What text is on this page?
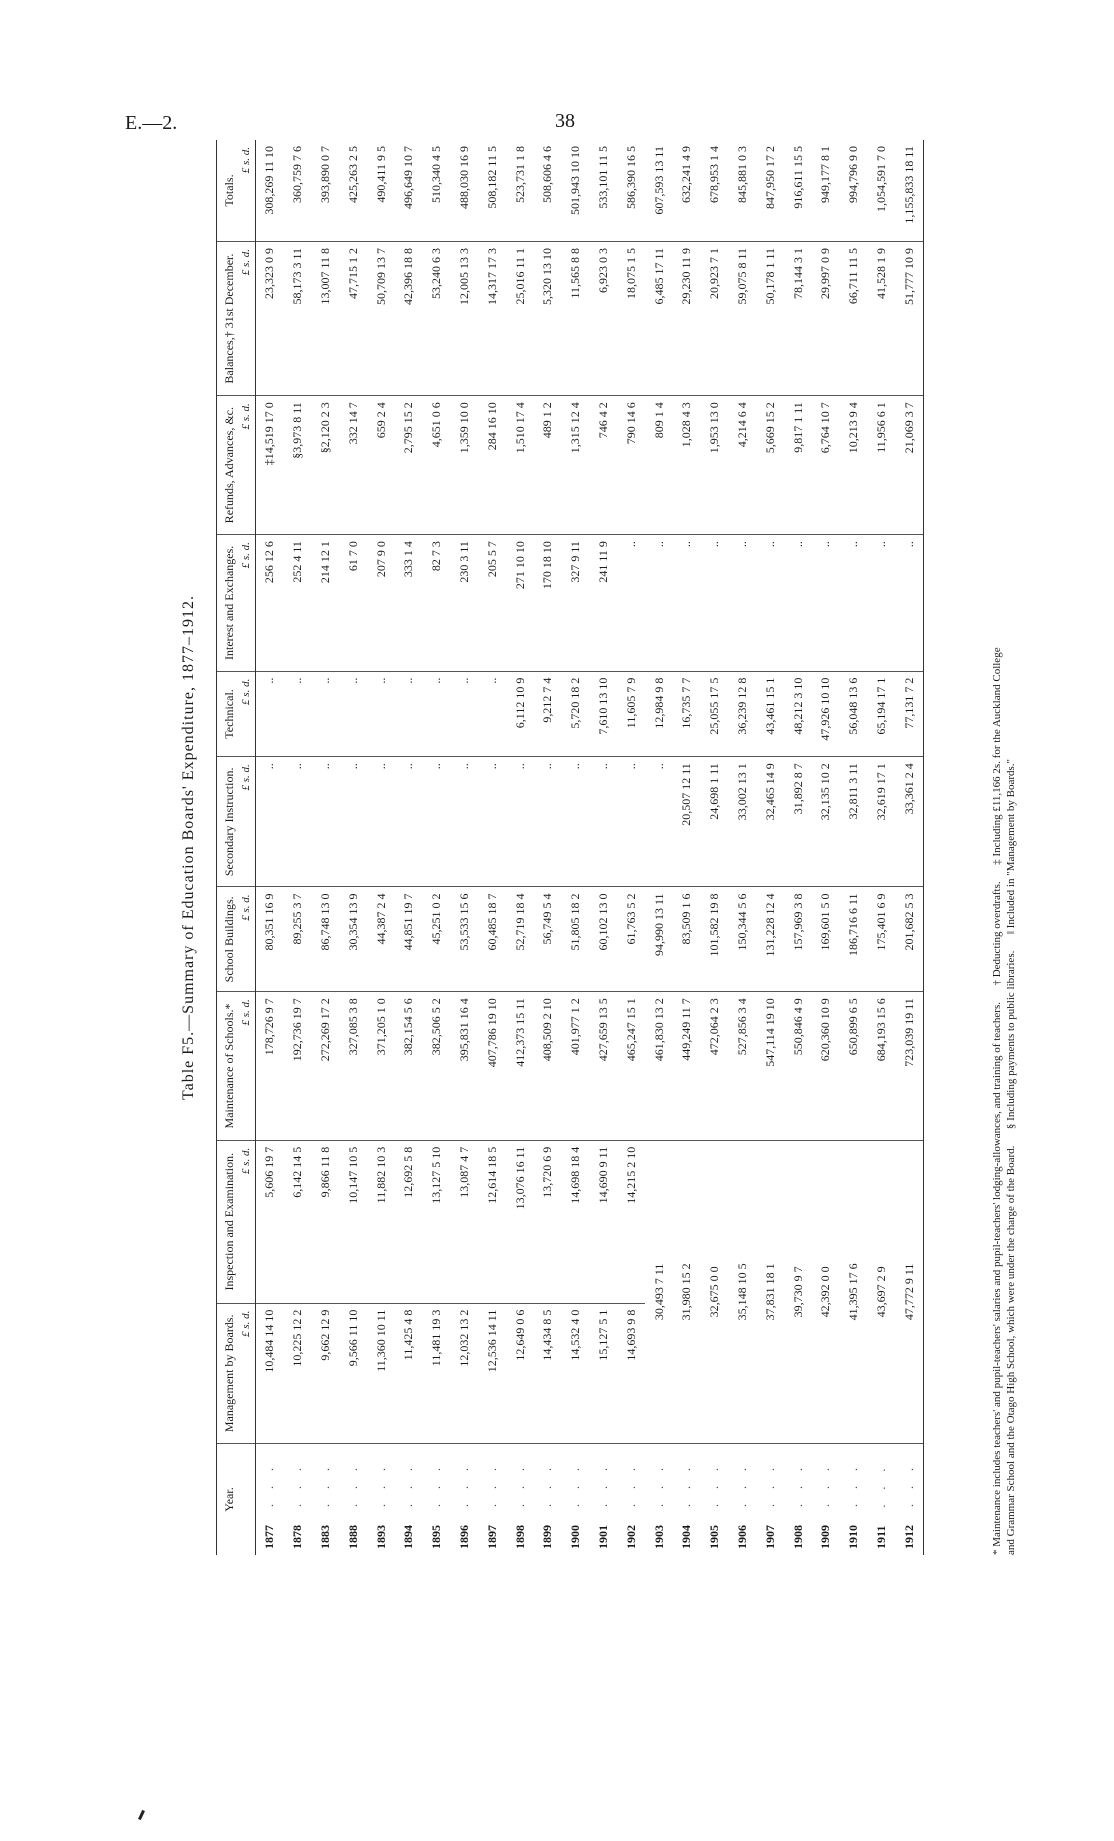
E.—2.	38
Table F5.—Summary of Education Boards' Expenditure, 1877–1912.
Year.	Management by Boards. £ s. d.	Inspection and Examination. £ s. d.	Maintenance of Schools.* £ s. d.	School Buildings. £ s. d.	Secondary Instruction. £ s. d.	Technical. £ s. d.	Interest and Exchanges. £ s. d.	Refunds, Advances, &c. £ s. d.	Balances,† 31st December. £ s. d.	Totals.
£ s. d.

1877. . .	10,484 14 10	5,606 19 7	178,726 9 7	80,351 16 9	..	..	256 12 6	‡14,519 17 0	23,323 0 9	308,269 11 10
1878. . .	10,225 12 2	6,142 14 5	192,736 19 7	89,255 3 7	..	..	252 4 11	§3,973 8 11	58,173 3 11	360,759 7 6
1883. . .	9,662 12 9	9,866 11 8	272,269 17 2	86,748 13 0	..	..	214 12 1	§2,120 2 3	13,007 11 8	393,890 0 7
1888. . .	9,566 11 10	10,147 10 5	327,085 3 8	30,354 13 9	..	..	61 7 0	332 14 7	47,715 1 2	425,263 2 5
1893. . .	11,360 10 11	11,882 10 3	371,205 1 0	44,387 2 4	..	..	207 9 0	659 2 4	50,709 13 7	490,411 9 5
1894. . .	11,425 4 8	12,692 5 8	382,154 5 6	44,851 19 7	..	..	333 1 4	2,795 15 2	42,396 18 8	496,649 10 7
1895. . .	11,481 19 3	13,127 5 10	382,506 5 2	45,251 0 2	..	..	82 7 3	4,651 0 6	53,240 6 3	510,340 4 5
1896. . .	12,032 13 2	13,087 4 7	395,831 16 4	53,533 15 6	..	..	230 3 11	1,359 10 0	12,005 13 3	488,030 16 9
1897. . .	12,536 14 11	12,614 18 5	407,786 19 10	60,485 18 7	..	..	205 5 7	284 16 10	14,317 17 3	508,182 11 5
1898. . .	12,649 0 6	13,076 16 11	412,373 15 11	52,719 18 4	..	6,112 10 9	271 10 10	1,510 17 4	25,016 11 1	523,731 1 8
1899. . .	14,434 8 5	13,720 6 9	408,509 2 10	56,749 5 4	..	9,212 7 4	170 18 10	489 1 2	5,320 13 10	508,606 4 6
1900. . .	14,532 4 0	14,698 18 4	401,977 1 2	51,805 18 2	..	5,720 18 2	327 9 11	1,315 12 4	11,565 8 8	501,943 10 10
1901. . .	15,127 5 1	14,690 9 11	427,659 13 5	60,102 13 0	..	7,610 13 10	241 11 9	746 4 2	6,923 0 3	533,101 11 5
1902. . .	14,693 9 8	14,215 2 10	465,247 15 1	61,763 5 2	..	11,605 7 9	..	790 14 6	18,075 1 5	586,390 16 5
1903. . .	30,493 7 11		461,830 13 2	94,990 13 11	..	12,984 9 8	..	809 1 4	6,485 17 11	607,593 13 11
1904. . .	31,980 15 2		449,249 11 7	83,509 1 6	20,507 12 11	16,735 7 7	..	1,028 4 3	29,230 11 9	632,241 4 9
1905. . .	32,675 0 0		472,064 2 3	101,582 19 8	24,698 1 11	25,055 17 5	..	1,953 13 0	20,923 7 1	678,953 1 4
1906. . .	35,148 10 5		527,856 3 4	150,344 5 6	33,002 13 1	36,239 12 8	..	4,214 6 4	59,075 8 11	845,881 0 3
1907. . .	37,831 18 1		547,114 19 10	131,228 12 4	32,465 14 9	43,461 15 1	..	5,669 15 2	50,178 1 11	847,950 17 2
1908. . .	39,730 9 7		550,846 4 9	157,969 3 8	31,892 8 7	48,212 3 10	..	9,817 1 11	78,144 3 1	916,611 15 5
1909. . .	42,392 0 0		620,360 10 9	169,601 5 0	32,135 10 2	47,926 10 10	..	6,764 10 7	29,997 0 9	949,177 8 1
1910. . .	41,395 17 6		650,899 6 5	186,716 6 11	32,811 3 11	56,048 13 6	..	10,213 9 4	66,711 11 5	994,796 9 0
1911. . .	43,697 2 9		684,193 15 6	175,401 6 9	32,619 17 1	65,194 17 1	..	11,956 6 1	41,528 1 9	1,054,591 7 0
1912. . .	47,772 9 11		723,039 19 11	201,682 5 3	33,361 2 4	77,131 7 2	..	21,069 3 7	51,777 10 9	1,155,833 18 11
* Maintenance includes teachers' and pupil-teachers' salaries and pupil-teachers' lodging-allowances, and training of teachers.      † Deducting overdrafts.      ‡ Including £11,166 2s. for the Auckland College
and Grammar School and the Otago High School, which were under the charge of the Board.      § Including payments to public libraries.      ‖ Included in "Management by Boards."
